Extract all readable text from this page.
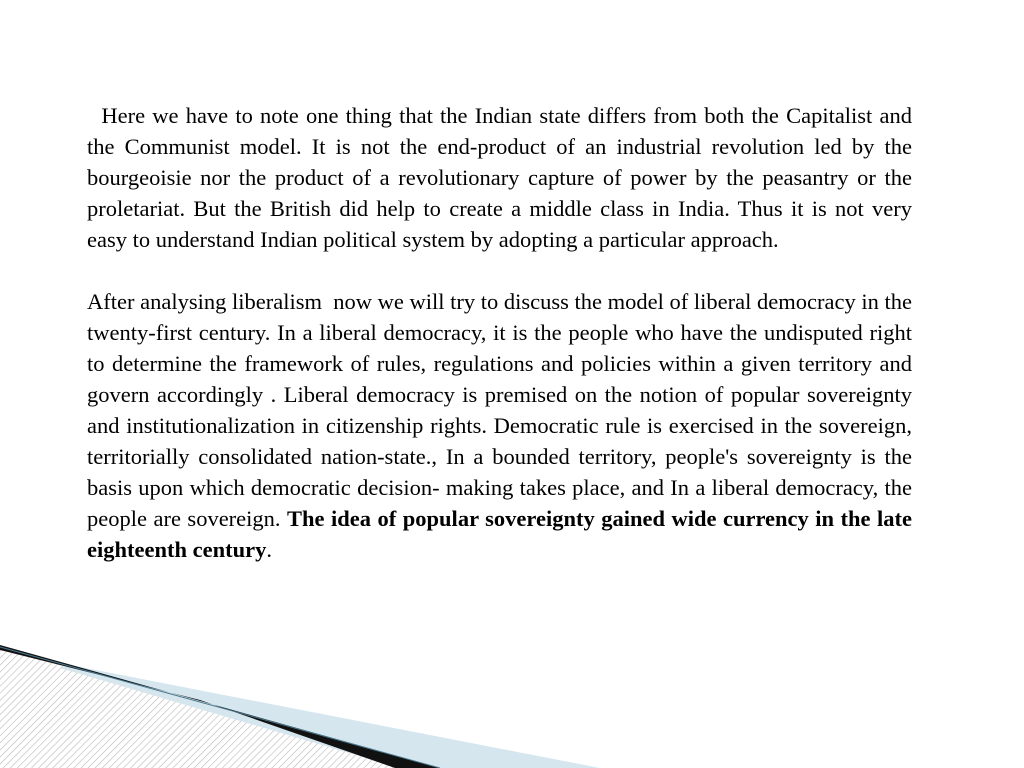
Here we have to note one thing that the Indian state differs from both the Capitalist and the Communist model. It is not the end-product of an industrial revolution led by the bourgeoisie nor the product of a revolutionary capture of power by the peasantry or the proletariat. But the British did help to create a middle class in India. Thus it is not very easy to understand Indian political system by adopting a particular approach.

After analysing liberalism  now we will try to discuss the model of liberal democracy in the twenty-first century. In a liberal democracy, it is the people who have the undisputed right to determine the framework of rules, regulations and policies within a given territory and govern accordingly . Liberal democracy is premised on the notion of popular sovereignty and institutionalization in citizenship rights. Democratic rule is exercised in the sovereign, territorially consolidated nation-state., In a bounded territory, people's sovereignty is the basis upon which democratic decision- making takes place, and In a liberal democracy, the people are sovereign. The idea of popular sovereignty gained wide currency in the late eighteenth century.
